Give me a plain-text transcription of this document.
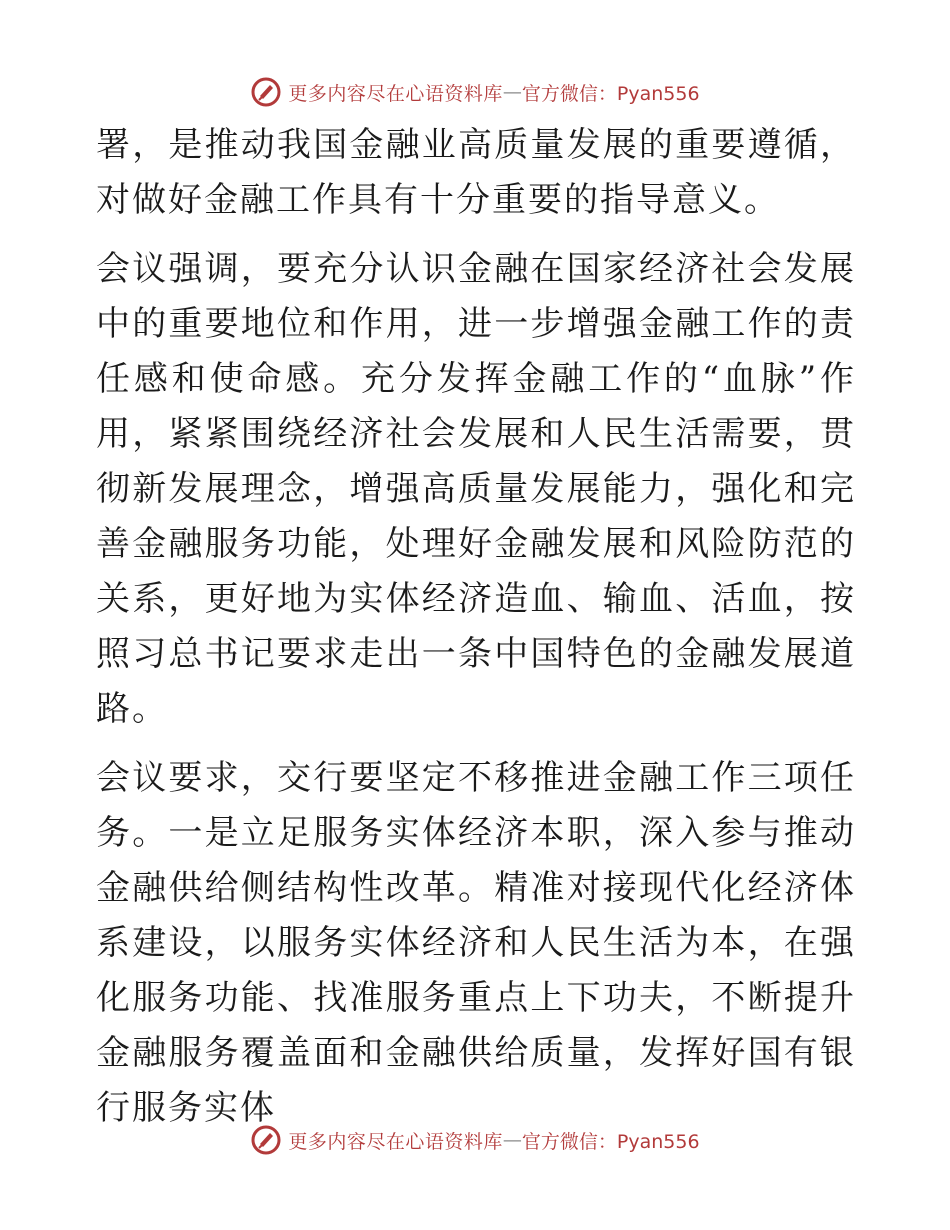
更多内容尽在心语资料库 — 官方微信：Pyan556

署，是推动我国金融业高质量发展的重要遵循，对做好金融工作具有十分重要的指导意义。

会议强调，要充分认识金融在国家经济社会发展中的重要地位和作用，进一步增强金融工作的责任感和使命感。充分发挥金融工作的“血脉”作用，紧紧围绕经济社会发展和人民生活需要，贯彻新发展理念，增强高质量发展能力，强化和完善金融服务功能，处理好金融发展和风险防范的关系，更好地为实体经济造血、输血、活血，按照习总书记要求走出一条中国特色的金融发展道路。

会议要求，交行要坚定不移推进金融工作三项任务。一是立足服务实体经济本职，深入参与推动金融供给侧结构性改革。精准对接现代化经济体系建设，以服务实体经济和人民生活为本，在强化服务功能、找准服务重点上下功夫，不断提升金融服务覆盖面和金融供给质量，发挥好国有银行服务实体

更多内容尽在心语资料库 — 官方微信：Pyan556
